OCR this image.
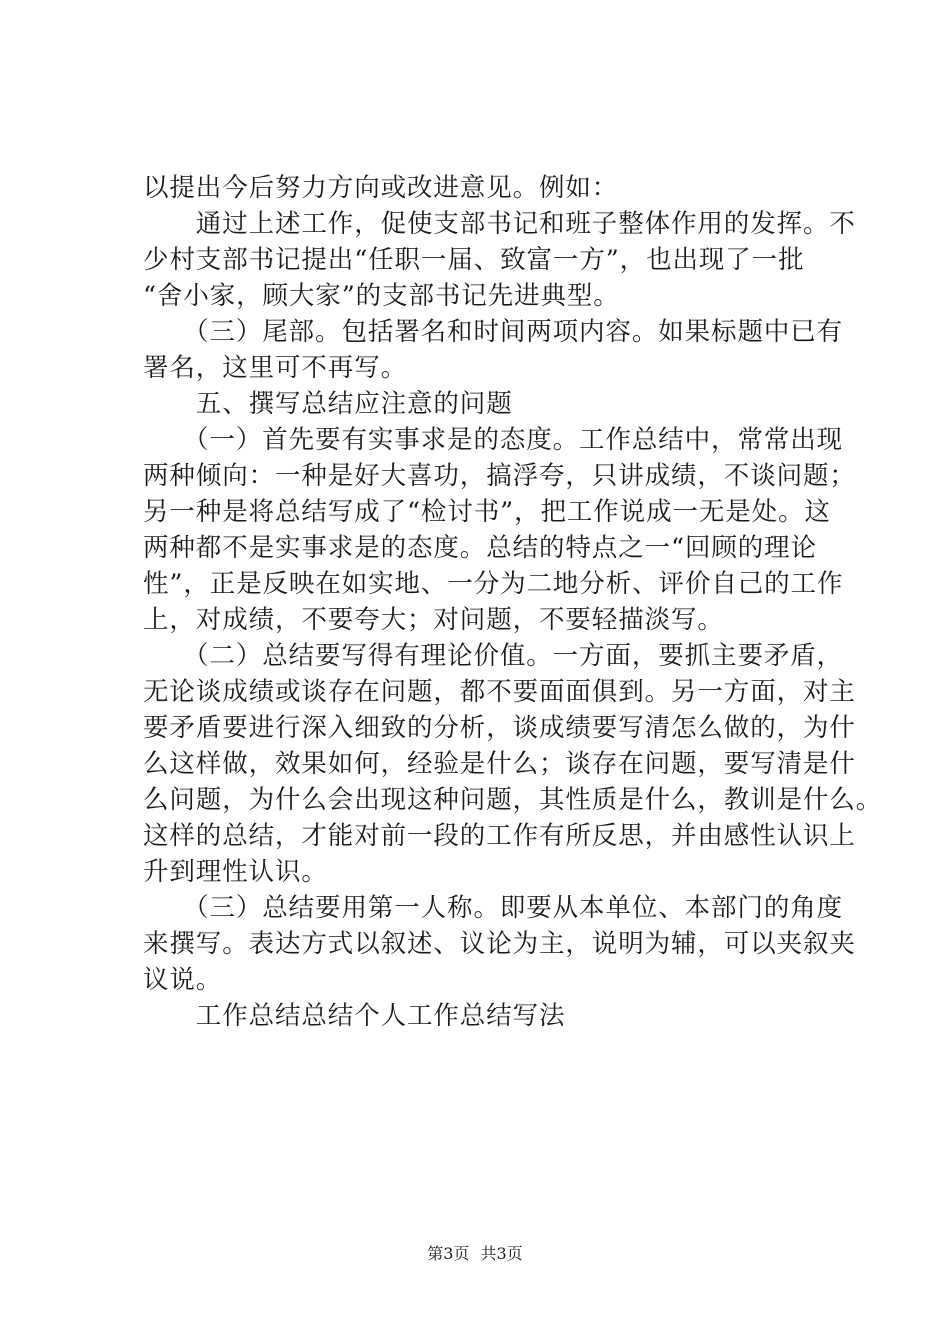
以提出今后努力方向或改进意见。例如：
　　通过上述工作，促使支部书记和班子整体作用的发挥。不
少村支部书记提出“任职一届、致富一方”，也出现了一批
“舍小家，顾大家”的支部书记先进典型。
　　（三）尾部。包括署名和时间两项内容。如果标题中已有
署名，这里可不再写。
　　五、撰写总结应注意的问题
　　（一）首先要有实事求是的态度。工作总结中，常常出现
两种倾向：一种是好大喜功，搞浮夸，只讲成绩，不谈问题；
另一种是将总结写成了“检讨书”，把工作说成一无是处。这
两种都不是实事求是的态度。总结的特点之一“回顾的理论
性”，正是反映在如实地、一分为二地分析、评价自己的工作
上，对成绩，不要夸大；对问题，不要轻描淡写。
　　（二）总结要写得有理论价值。一方面，要抓主要矛盾，
无论谈成绩或谈存在问题，都不要面面俱到。另一方面，对主
要矛盾要进行深入细致的分析，谈成绩要写清怎么做的，为什
么这样做，效果如何，经验是什么；谈存在问题，要写清是什
么问题，为什么会出现这种问题，其性质是什么，教训是什么。
这样的总结，才能对前一段的工作有所反思，并由感性认识上
升到理性认识。
　　（三）总结要用第一人称。即要从本单位、本部门的角度
来撰写。表达方式以叙述、议论为主，说明为辅，可以夹叙夹
议说。
　　工作总结总结个人工作总结写法
第3页 共3页
